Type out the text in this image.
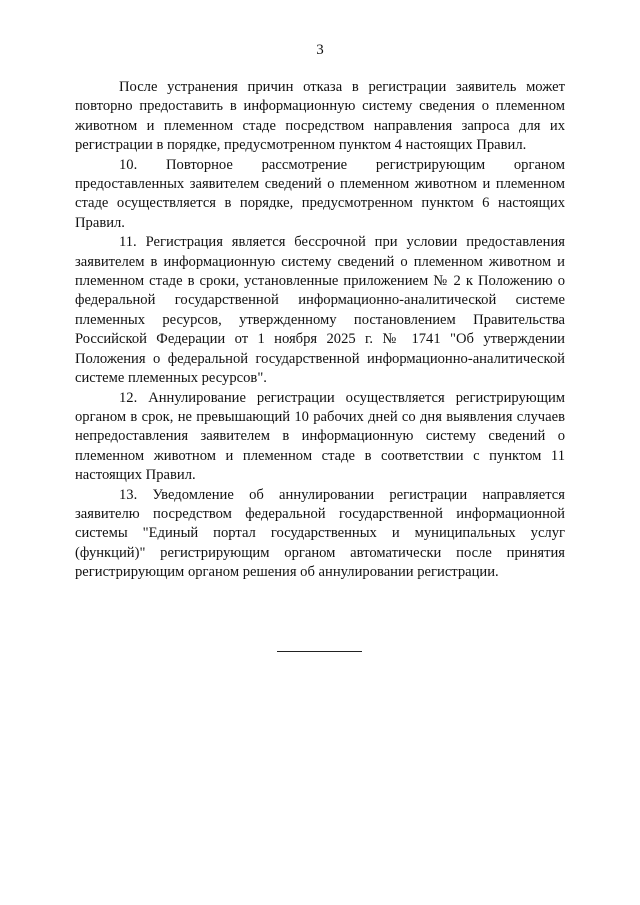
3

После устранения причин отказа в регистрации заявитель может повторно предоставить в информационную систему сведения о племенном животном и племенном стаде посредством направления запроса для их регистрации в порядке, предусмотренном пунктом 4 настоящих Правил.

10. Повторное рассмотрение регистрирующим органом предоставленных заявителем сведений о племенном животном и племенном стаде осуществляется в порядке, предусмотренном пунктом 6 настоящих Правил.

11. Регистрация является бессрочной при условии предоставления заявителем в информационную систему сведений о племенном животном и племенном стаде в сроки, установленные приложением № 2 к Положению о федеральной государственной информационно-аналитической системе племенных ресурсов, утвержденному постановлением Правительства Российской Федерации от 1 ноября 2025 г. № 1741 "Об утверждении Положения о федеральной государственной информационно-аналитической системе племенных ресурсов".

12. Аннулирование регистрации осуществляется регистрирующим органом в срок, не превышающий 10 рабочих дней со дня выявления случаев непредоставления заявителем в информационную систему сведений о племенном животном и племенном стаде в соответствии с пунктом 11 настоящих Правил.

13. Уведомление об аннулировании регистрации направляется заявителю посредством федеральной государственной информационной системы "Единый портал государственных и муниципальных услуг (функций)" регистрирующим органом автоматически после принятия регистрирующим органом решения об аннулировании регистрации.
